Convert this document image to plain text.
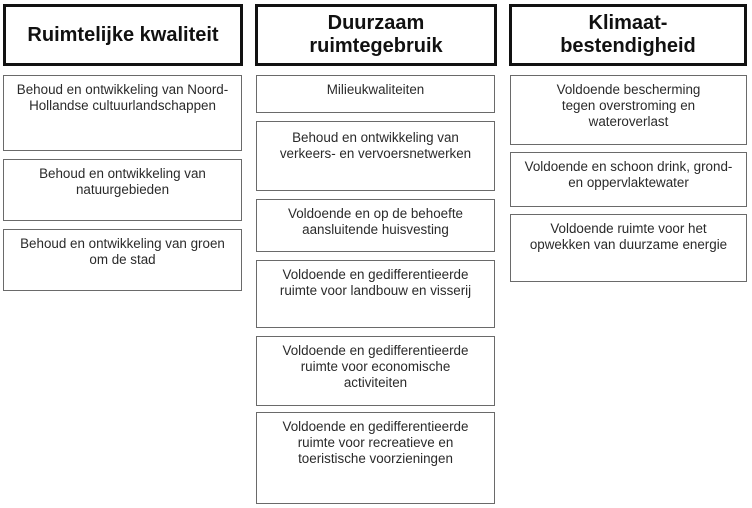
Ruimtelijke kwaliteit
Behoud en ontwikkeling van Noord-Hollandse cultuurlandschappen
Behoud en ontwikkeling van natuurgebieden
Behoud en ontwikkeling van groen om de stad
Duurzaam ruimtegebruik
Milieukwaliteiten
Behoud en ontwikkeling van verkeers- en vervoersnetwerken
Voldoende en op de behoefte aansluitende huisvesting
Voldoende en gedifferentieerde ruimte voor landbouw en visserij
Voldoende en gedifferentieerde ruimte voor economische activiteiten
Voldoende en gedifferentieerde ruimte voor recreatieve en toeristische voorzieningen
Klimaat-bestendigheid
Voldoende bescherming tegen overstroming en wateroverlast
Voldoende en schoon drink, grond- en oppervlaktewater
Voldoende ruimte voor het opwekken van duurzame energie
